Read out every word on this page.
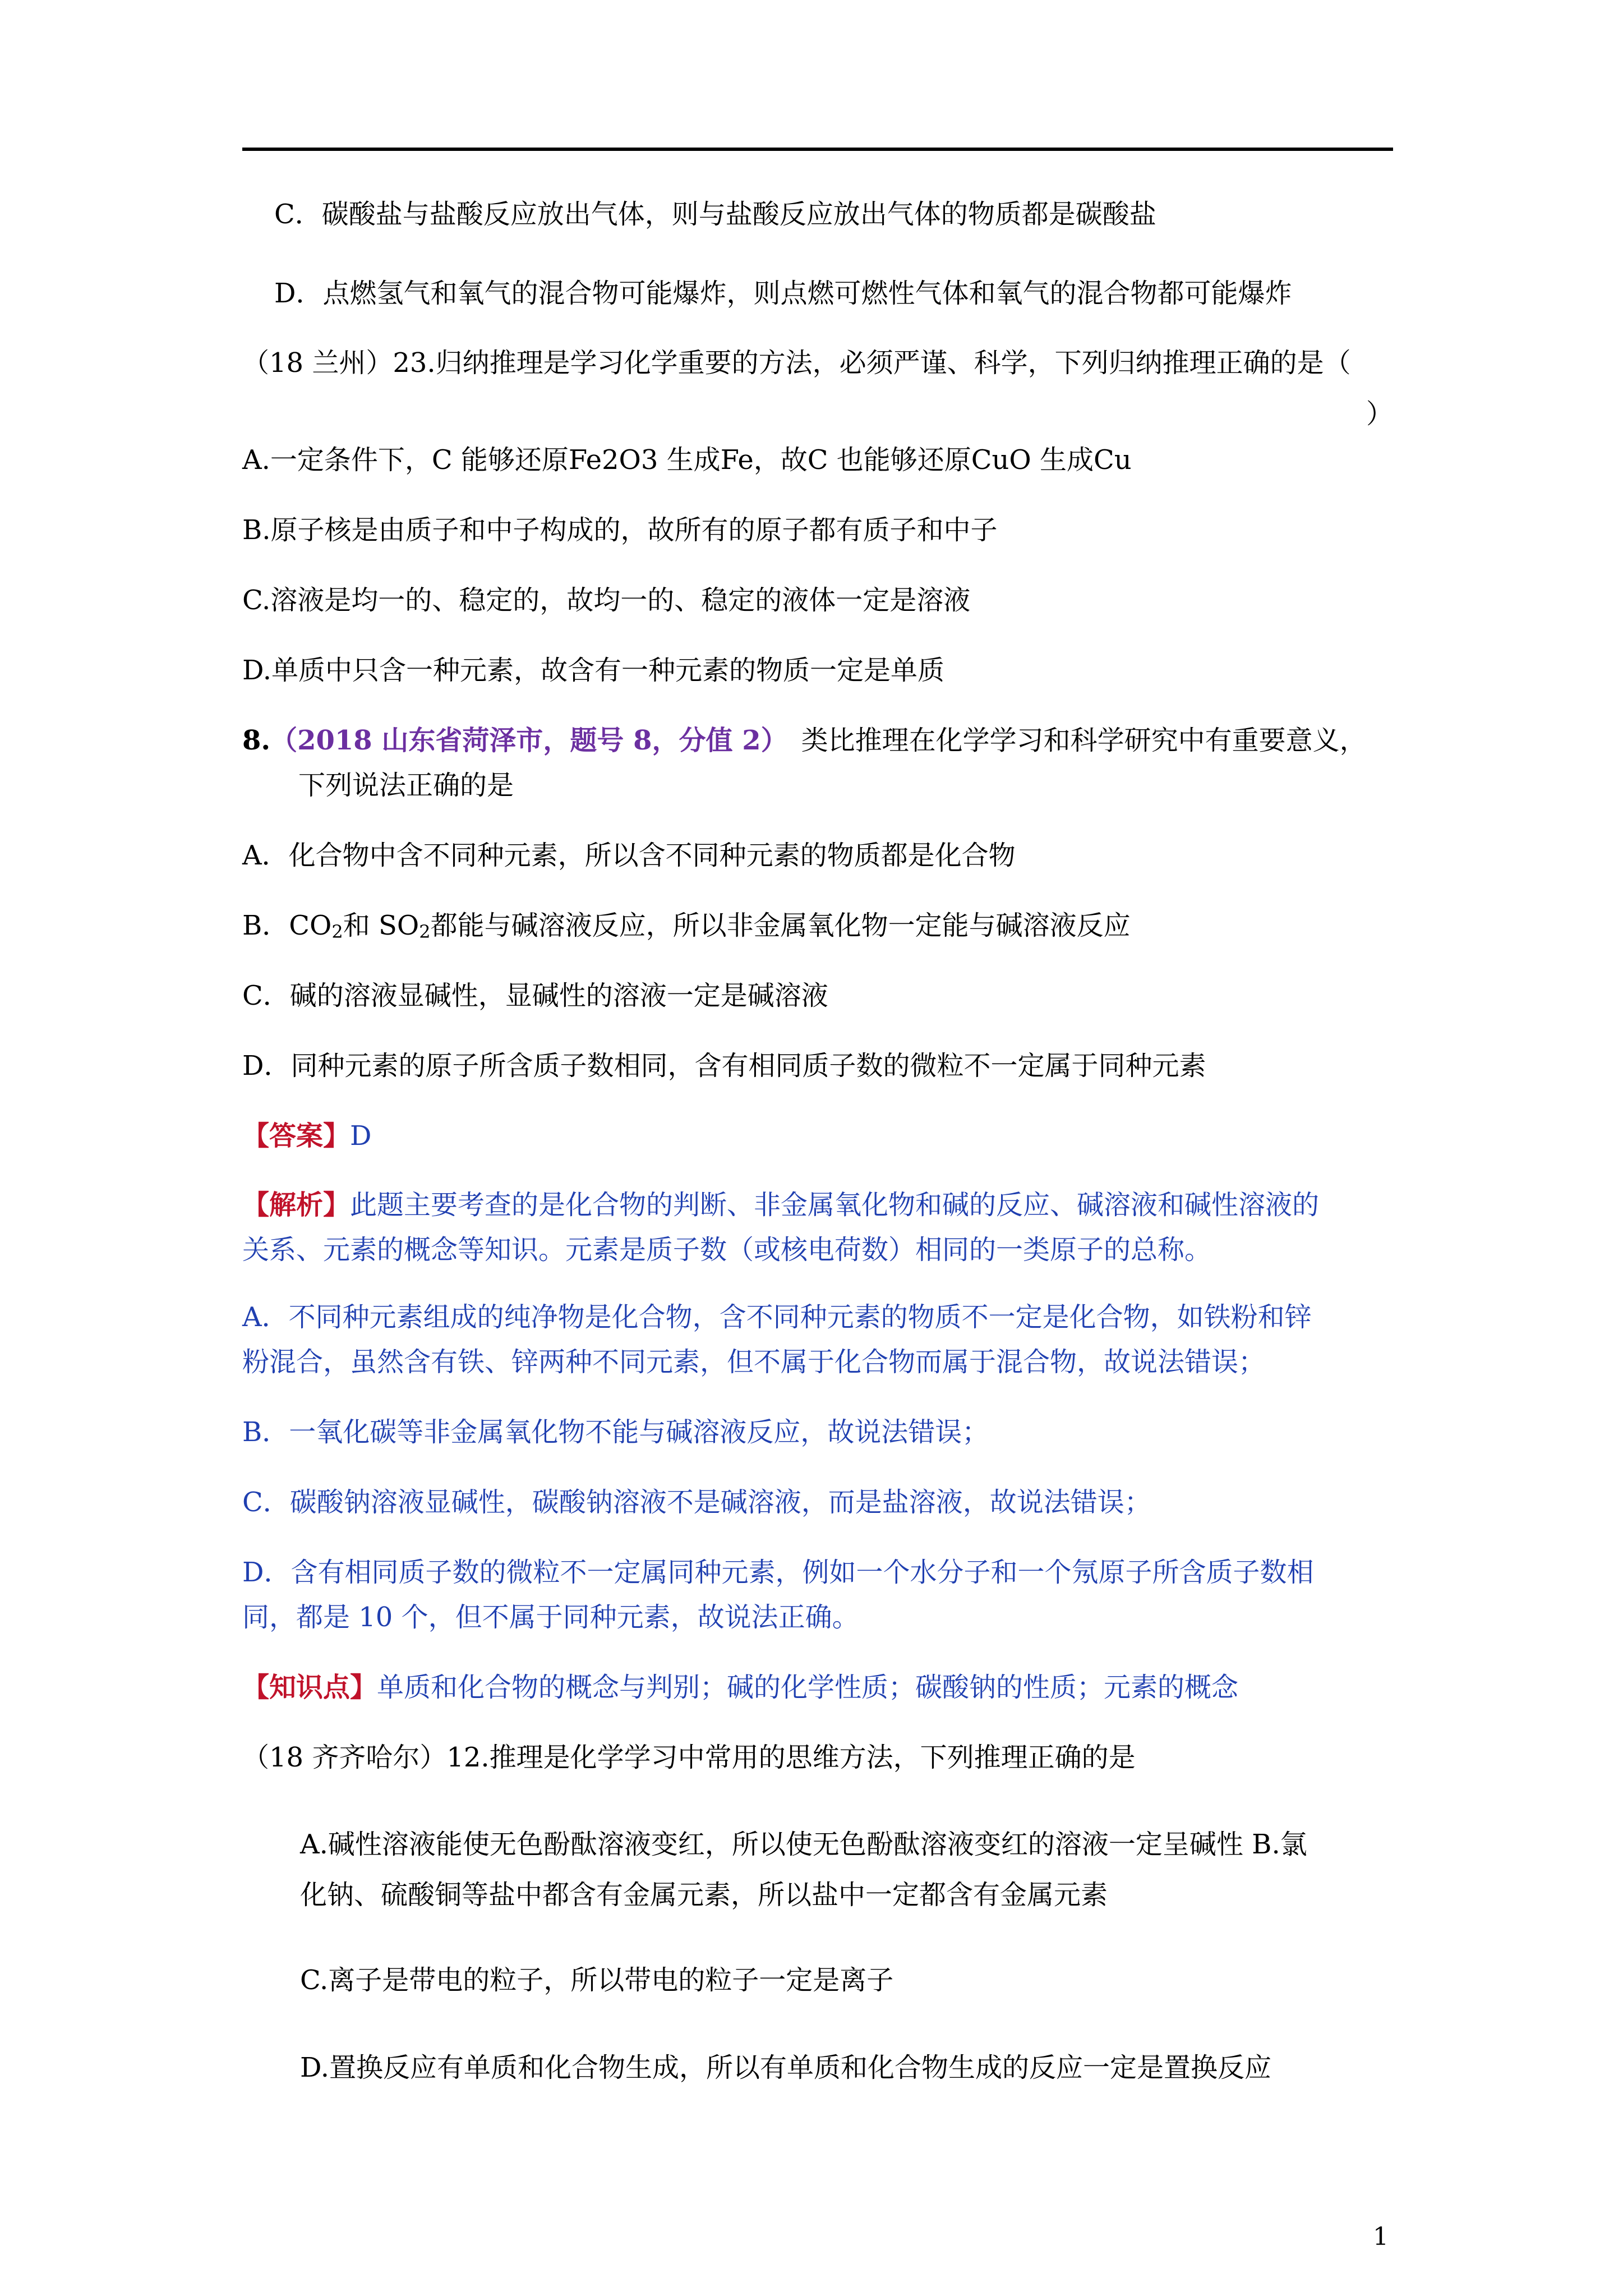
C．碳酸盐与盐酸反应放出气体，则与盐酸反应放出气体的物质都是碳酸盐
D．点燃氢气和氧气的混合物可能爆炸，则点燃可燃性气体和氧气的混合物都可能爆炸
（18 兰州）23.归纳推理是学习化学重要的方法，必须严谨、科学，下列归纳推理正确的是（
）
A.一定条件下，C 能够还原Fe2O3 生成Fe，故C 也能够还原CuO 生成Cu
B.原子核是由质子和中子构成的，故所有的原子都有质子和中子
C.溶液是均一的、稳定的，故均一的、稳定的液体一定是溶液
D.单质中只含一种元素，故含有一种元素的物质一定是单质
8.（2018 山东省菏泽市，题号 8，分值 2） 类比推理在化学学习和科学研究中有重要意义，
下列说法正确的是
A．化合物中含不同种元素，所以含不同种元素的物质都是化合物
B．$CO_2$和 $SO_2$都能与碱溶液反应，所以非金属氧化物一定能与碱溶液反应
C．碱的溶液显碱性，显碱性的溶液一定是碱溶液
D．同种元素的原子所含质子数相同，含有相同质子数的微粒不一定属于同种元素
【答案】D
【解析】此题主要考查的是化合物的判断、非金属氧化物和碱的反应、碱溶液和碱性溶液的
关系、元素的概念等知识。元素是质子数（或核电荷数）相同的一类原子的总称。
A．不同种元素组成的纯净物是化合物，含不同种元素的物质不一定是化合物，如铁粉和锌
粉混合，虽然含有铁、锌两种不同元素，但不属于化合物而属于混合物，故说法错误；
B．一氧化碳等非金属氧化物不能与碱溶液反应，故说法错误；
C．碳酸钠溶液显碱性，碳酸钠溶液不是碱溶液，而是盐溶液，故说法错误；
D．含有相同质子数的微粒不一定属同种元素，例如一个水分子和一个氖原子所含质子数相
同，都是 10 个，但不属于同种元素，故说法正确。
【知识点】单质和化合物的概念与判别；碱的化学性质；碳酸钠的性质；元素的概念
（18 齐齐哈尔）12.推理是化学学习中常用的思维方法，下列推理正确的是
A.碱性溶液能使无色酚酞溶液变红，所以使无色酚酞溶液变红的溶液一定呈碱性 B.氯
化钠、硫酸铜等盐中都含有金属元素，所以盐中一定都含有金属元素
C.离子是带电的粒子，所以带电的粒子一定是离子
D.置换反应有单质和化合物生成，所以有单质和化合物生成的反应一定是置换反应
1
